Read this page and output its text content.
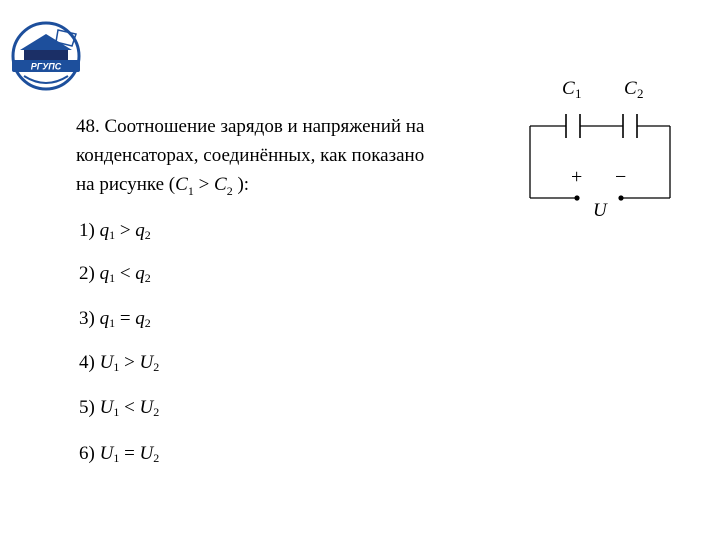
РГУПС
48. Соотношение зарядов и напряжений на
конденсаторах, соединённых, как показано
на рисунке ($C_1 > C_2$ ):
1) $q_1 > q_2$
2) $q_1 < q_2$
3) $q_1 = q_2$
4) $U_1 > U_2$
5) $U_1 < U_2$
6) $U_1 = U_2$
C 1 C 2
+ −
U
